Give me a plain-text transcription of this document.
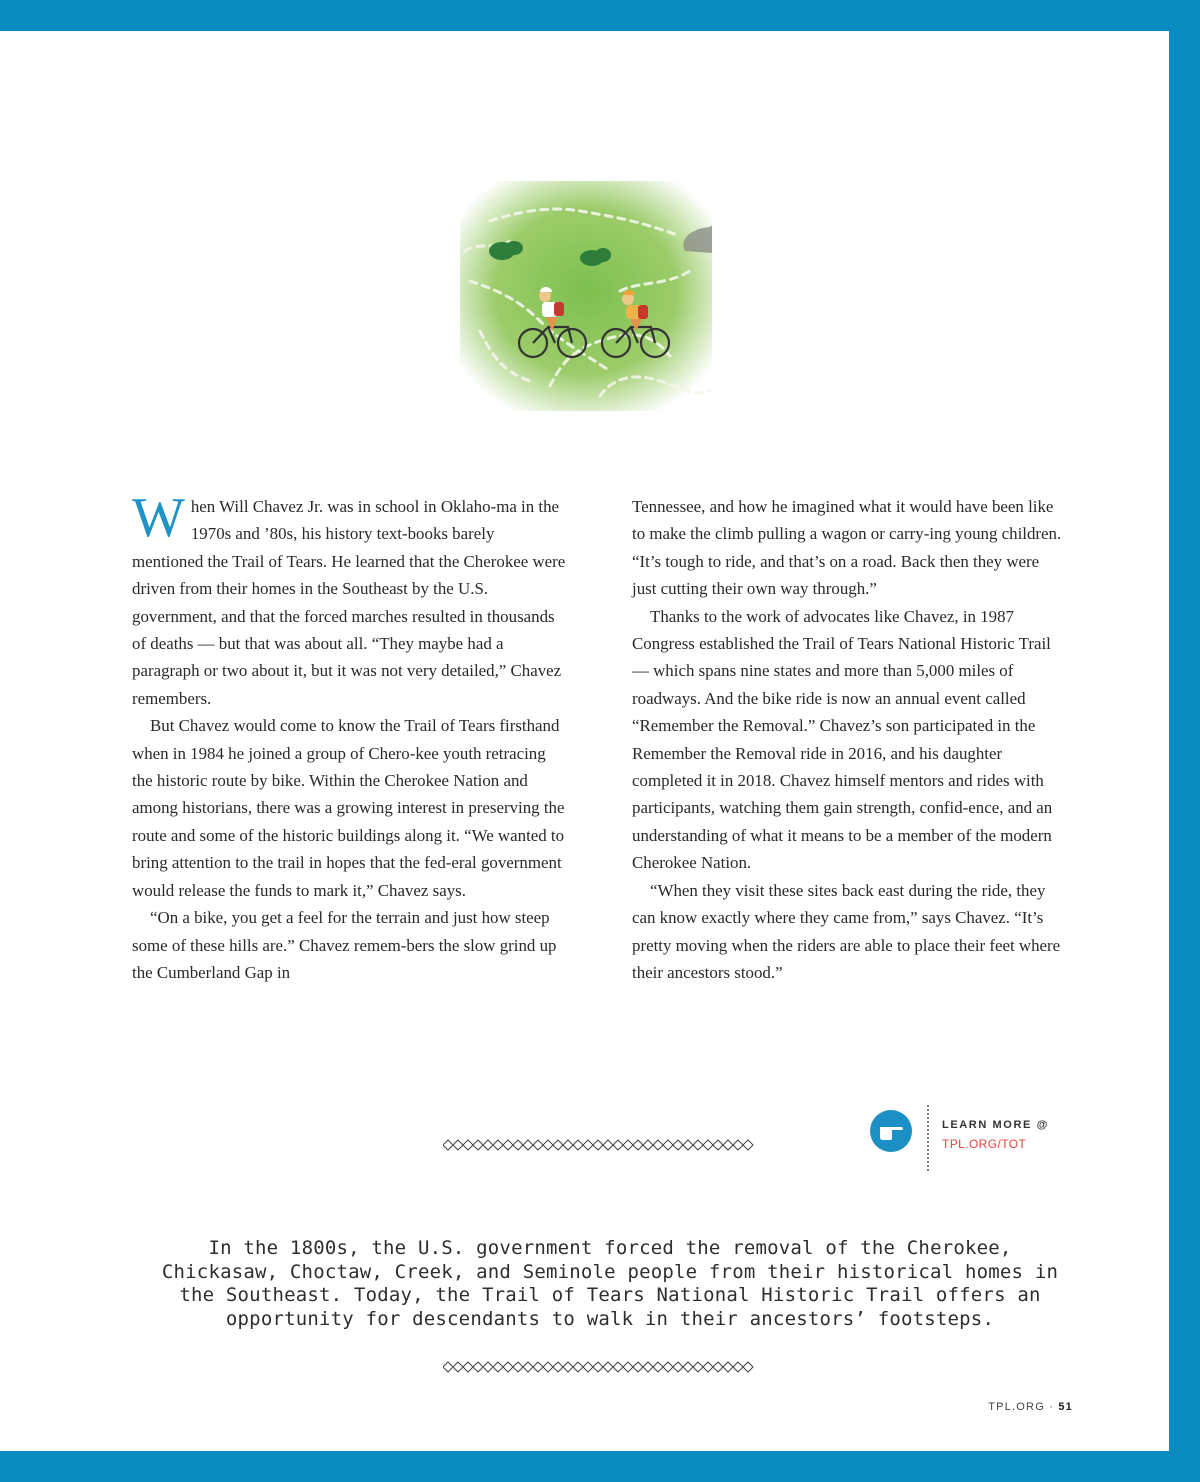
W hen Will Chavez Jr. was in school in Oklaho-ma in the 1970s and ’80s, his history text-books barely mentioned the Trail of Tears. He learned that the Cherokee were driven from their homes in the Southeast by the U.S. government, and that the forced marches resulted in thousands of deaths — but that was about all. “They maybe had a paragraph or two about it, but it was not very detailed,” Chavez remembers.

But Chavez would come to know the Trail of Tears firsthand when in 1984 he joined a group of Chero-kee youth retracing the historic route by bike. Within the Cherokee Nation and among historians, there was a growing interest in preserving the route and some of the historic buildings along it. “We wanted to bring attention to the trail in hopes that the fed-eral government would release the funds to mark it,” Chavez says.

“On a bike, you get a feel for the terrain and just how steep some of these hills are.” Chavez remem-bers the slow grind up the Cumberland Gap in

Tennessee, and how he imagined what it would have been like to make the climb pulling a wagon or carry-ing young children. “It’s tough to ride, and that’s on a road. Back then they were just cutting their own way through.”

Thanks to the work of advocates like Chavez, in 1987 Congress established the Trail of Tears National Historic Trail — which spans nine states and more than 5,000 miles of roadways. And the bike ride is now an annual event called “Remember the Removal.” Chavez’s son participated in the Remember the Removal ride in 2016, and his daughter completed it in 2018. Chavez himself mentors and rides with participants, watching them gain strength, confid-ence, and an understanding of what it means to be a member of the modern Cherokee Nation.

“When they visit these sites back east during the ride, they can know exactly where they came from,” says Chavez. “It’s pretty moving when the riders are able to place their feet where their ancestors stood.”

LEARN MORE @
TPL.ORG/TOT
In the 1800s, the U.S. government forced the removal of the Cherokee, Chickasaw, Choctaw, Creek, and Seminole people from their historical homes in the Southeast. Today, the Trail of Tears National Historic Trail offers an opportunity for descendants to walk in their ancestors’ footsteps.
TPL.ORG · 51
